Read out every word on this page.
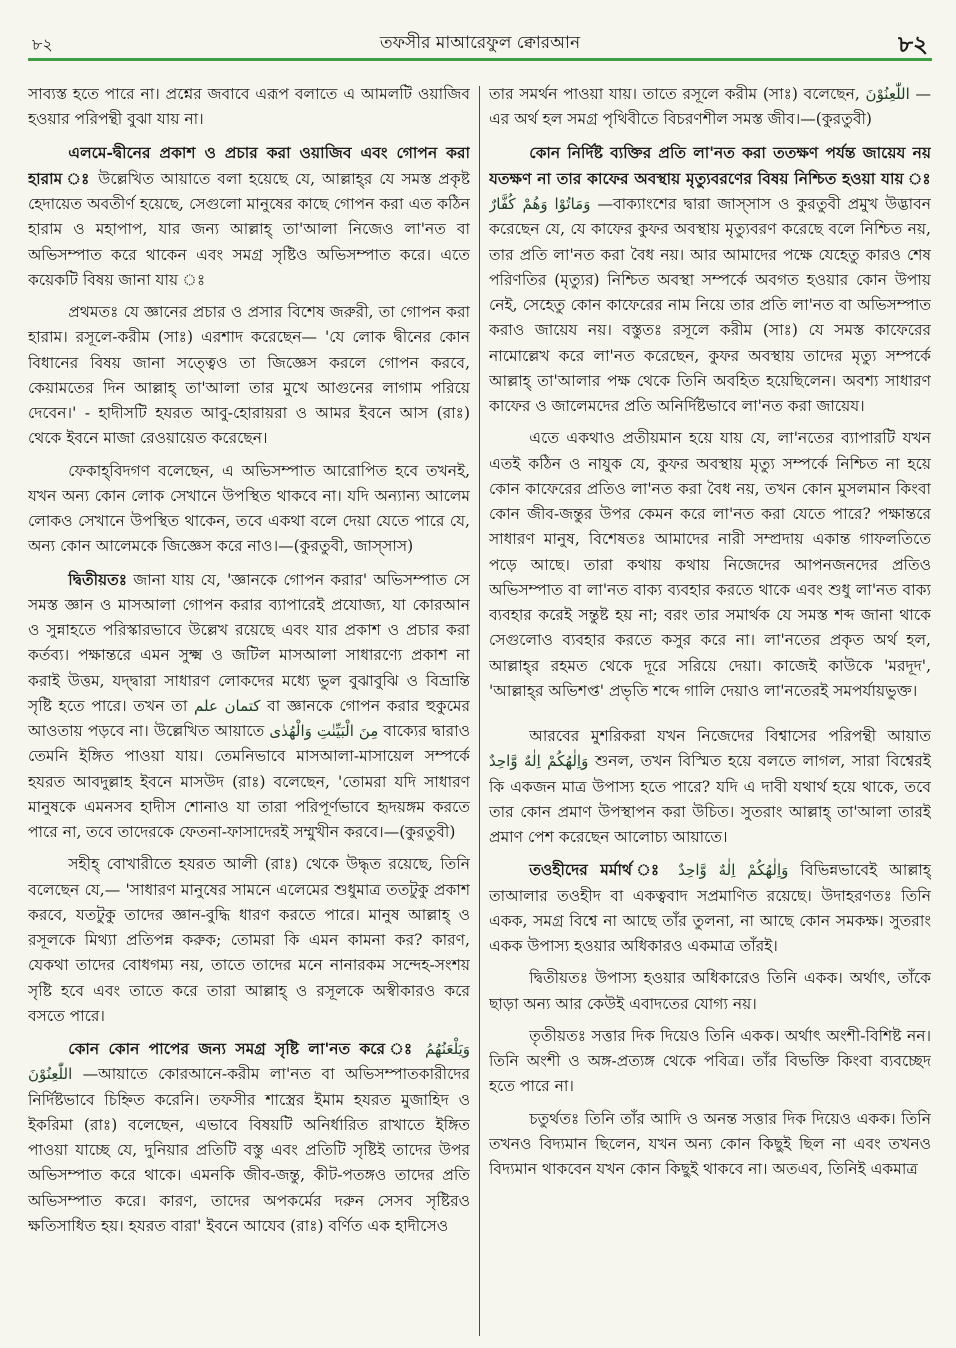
৮২	তফসীর মাআরেফুল ক্বোরআন	৮২

সাব্যস্ত হতে পারে না। প্রশ্নের জবাবে এরূপ বলাতে এ আমলটি ওয়াজিব হওয়ার পরিপন্থী বুঝা যায় না।

এলমে-দ্বীনের প্রকাশ ও প্রচার করা ওয়াজিব এবং গোপন করা হারাম ঃ উল্লেখিত আয়াতে বলা হয়েছে যে, আল্লাহ্‌র যে সমস্ত প্রকৃষ্ট হেদায়েত অবতীর্ণ হয়েছে, সেগুলো মানুষের কাছে গোপন করা এত কঠিন হারাম ও মহাপাপ, যার জন্য আল্লাহ্ তা'আলা নিজেও লা'নত বা অভিসম্পাত করে থাকেন এবং সমগ্র সৃষ্টিও অভিসম্পাত করে। এতে কয়েকটি বিষয় জানা যায় ঃ

প্রথমতঃ যে জ্ঞানের প্রচার ও প্রসার বিশেষ জরুরী, তা গোপন করা হারাম। রসূলে-করীম (সাঃ) এরশাদ করেছেন— 'যে লোক দ্বীনের কোন বিধানের বিষয় জানা সত্ত্বেও তা জিজ্ঞেস করলে গোপন করবে, কেয়ামতের দিন আল্লাহ্ তা'আলা তার মুখে আগুনের লাগাম পরিয়ে দেবেন।' - হাদীসটি হযরত আবু-হোরায়রা ও আমর ইবনে আস (রাঃ) থেকে ইবনে মাজা রেওয়ায়েত করেছেন।

ফেকাহ্‌বিদগণ বলেছেন, এ অভিসম্পাত আরোপিত হবে তখনই, যখন অন্য কোন লোক সেখানে উপস্থিত থাকবে না। যদি অন্যান্য আলেম লোকও সেখানে উপস্থিত থাকেন, তবে একথা বলে দেয়া যেতে পারে যে, অন্য কোন আলেমকে জিজ্ঞেস করে নাও।—(কুরতুবী, জাস্সাস)

দ্বিতীয়তঃ জানা যায় যে, 'জ্ঞানকে গোপন করার' অভিসম্পাত সে সমস্ত জ্ঞান ও মাসআলা গোপন করার ব্যাপারেই প্রযোজ্য, যা কোরআন ও সুন্নাহতে পরিস্কারভাবে উল্লেখ রয়েছে এবং যার প্রকাশ ও প্রচার করা কর্তব্য। পক্ষান্তরে এমন সুক্ষ্ম ও জটিল মাসআলা সাধারণ্যে প্রকাশ না করাই উত্তম, যদ্দ্বারা সাধারণ লোকদের মধ্যে ভুল বুঝাবুঝি ও বিভ্রান্তি সৃষ্টি হতে পারে। তখন তা كتمان علم বা জ্ঞানকে গোপন করার হুকুমের আওতায় পড়বে না। উল্লেখিত আয়াতে مِنَ الْبَيِّنٰتِ وَالْهُدٰى বাক্যের দ্বারাও তেমনি ইঙ্গিত পাওয়া যায়। তেমনিভাবে মাসআলা-মাসায়েল সম্পর্কে হযরত আবদুল্লাহ ইবনে মাসউদ (রাঃ) বলেছেন, 'তোমরা যদি সাধারণ মানুষকে এমনসব হাদীস শোনাও যা তারা পরিপূর্ণভাবে হৃদয়ঙ্গম করতে পারে না, তবে তাদেরকে ফেতনা-ফাসাদেরই সম্মুখীন করবে।—(কুরতুবী)

সহীহ্ বোখারীতে হযরত আলী (রাঃ) থেকে উদ্ধৃত রয়েছে, তিনি বলেছেন যে,— 'সাধারণ মানুষের সামনে এলেমের শুধুমাত্র ততটুকু প্রকাশ করবে, যতটুকু তাদের জ্ঞান-বুদ্ধি ধারণ করতে পারে। মানুষ আল্লাহ্ ও রসূলকে মিথ্যা প্রতিপন্ন করুক; তোমরা কি এমন কামনা কর? কারণ, যেকথা তাদের বোধগম্য নয়, তাতে তাদের মনে নানারকম সন্দেহ-সংশয় সৃষ্টি হবে এবং তাতে করে তারা আল্লাহ্ ও রসূলকে অস্বীকারও করে বসতে পারে।

কোন কোন পাপের জন্য সমগ্র সৃষ্টি লা'নত করে ঃ وَيَلْعَنُهُمُ اللّٰعِنُوْنَ —আয়াতে কোরআনে-করীম লা'নত বা অভিসম্পাতকারীদের নির্দিষ্টভাবে চিহ্নিত করেনি। তফসীর শাস্ত্রের ইমাম হযরত মুজাহিদ ও ইকরিমা (রাঃ) বলেছেন, এভাবে বিষয়টি অনির্ধারিত রাখাতে ইঙ্গিত পাওয়া যাচ্ছে যে, দুনিয়ার প্রতিটি বস্তু এবং প্রতিটি সৃষ্টিই তাদের উপর অভিসম্পাত করে থাকে। এমনকি জীব-জন্তু, কীট-পতঙ্গও তাদের প্রতি অভিসম্পাত করে। কারণ, তাদের অপকর্মের দরুন সেসব সৃষ্টিরও ক্ষতিসাধিত হয়। হযরত বারা' ইবনে আযেব (রাঃ) বর্ণিত এক হাদীসেও

তার সমর্থন পাওয়া যায়। তাতে রসূলে করীম (সাঃ) বলেছেন, اللّٰعِنُوْنَ —এর অর্থ হল সমগ্র পৃথিবীতে বিচরণশীল সমস্ত জীব।—(কুরতুবী)

কোন নির্দিষ্ট ব্যক্তির প্রতি লা'নত করা ততক্ষণ পর্যন্ত জায়েয নয় যতক্ষণ না তার কাফের অবস্থায় মৃত্যুবরণের বিষয় নিশ্চিত হওয়া যায় ঃ وَمَاتُوْا وَهُمْ كُفَّارٌ —বাক্যাংশের দ্বারা জাস্সাস ও কুরতুবী প্রমুখ উদ্ভাবন করেছেন যে, যে কাফের কুফর অবস্থায় মৃত্যুবরণ করেছে বলে নিশ্চিত নয়, তার প্রতি লা'নত করা বৈধ নয়। আর আমাদের পক্ষে যেহেতু কারও শেষ পরিণতির (মৃত্যুর) নিশ্চিত অবস্থা সম্পর্কে অবগত হওয়ার কোন উপায় নেই, সেহেতু কোন কাফেরের নাম নিয়ে তার প্রতি লা'নত বা অভিসম্পাত করাও জায়েয নয়। বস্তুতঃ রসূলে করীম (সাঃ) যে সমস্ত কাফেরের নামোল্লেখ করে লা'নত করেছেন, কুফর অবস্থায় তাদের মৃত্যু সম্পর্কে আল্লাহ্ তা'আলার পক্ষ থেকে তিনি অবহিত হয়েছিলেন। অবশ্য সাধারণ কাফের ও জালেমদের প্রতি অনির্দিষ্টভাবে লা'নত করা জায়েয।

এতে একথাও প্রতীয়মান হয়ে যায় যে, লা'নতের ব্যাপারটি যখন এতই কঠিন ও নাযুক যে, কুফর অবস্থায় মৃত্যু সম্পর্কে নিশ্চিত না হয়ে কোন কাফেরের প্রতিও লা'নত করা বৈধ নয়, তখন কোন মুসলমান কিংবা কোন জীব-জন্তুর উপর কেমন করে লা'নত করা যেতে পারে? পক্ষান্তরে সাধারণ মানুষ, বিশেষতঃ আমাদের নারী সম্প্রদায় একান্ত গাফলতিতে পড়ে আছে। তারা কথায় কথায় নিজেদের আপনজনদের প্রতিও অভিসম্পাত বা লা'নত বাক্য ব্যবহার করতে থাকে এবং শুধু লা'নত বাক্য ব্যবহার করেই সন্তুষ্ট হয় না; বরং তার সমার্থক যে সমস্ত শব্দ জানা থাকে সেগুলোও ব্যবহার করতে কসুর করে না। লা'নতের প্রকৃত অর্থ হল, আল্লাহ্‌র রহমত থেকে দূরে সরিয়ে দেয়া। কাজেই কাউকে 'মরদূদ', 'আল্লাহ্‌র অভিশপ্ত' প্রভৃতি শব্দে গালি দেয়াও লা'নতেরই সমপর্যায়ভুক্ত।

আরবের মুশরিকরা যখন নিজেদের বিশ্বাসের পরিপন্থী আয়াত وَاِلٰهُكُمْ اِلٰهٌ وَّاحِدٌ শুনল, তখন বিস্মিত হয়ে বলতে লাগল, সারা বিশ্বেরই কি একজন মাত্র উপাস্য হতে পারে? যদি এ দাবী যথার্থ হয়ে থাকে, তবে তার কোন প্রমাণ উপস্থাপন করা উচিত। সুতরাং আল্লাহ্ তা'আলা তারই প্রমাণ পেশ করেছেন আলোচ্য আয়াতে।

তওহীদের মর্মার্থ ঃ وَاِلٰهُكُمْ اِلٰهٌ وَّاحِدٌ বিভিন্নভাবেই আল্লাহ্ তাআলার তওহীদ বা একত্ববাদ সপ্রমাণিত রয়েছে। উদাহরণতঃ তিনি একক, সমগ্র বিশ্বে না আছে তাঁর তুলনা, না আছে কোন সমকক্ষ। সুতরাং একক উপাস্য হওয়ার অধিকারও একমাত্র তাঁরই।

দ্বিতীয়তঃ উপাস্য হওয়ার অধিকারেও তিনি একক। অর্থাৎ, তাঁকে ছাড়া অন্য আর কেউই এবাদতের যোগ্য নয়।

তৃতীয়তঃ সত্তার দিক দিয়েও তিনি একক। অর্থাৎ অংশী-বিশিষ্ট নন। তিনি অংশী ও অঙ্গ-প্রত্যঙ্গ থেকে পবিত্র। তাঁর বিভক্তি কিংবা ব্যবচ্ছেদ হতে পারে না।

চতুর্থতঃ তিনি তাঁর আদি ও অনন্ত সত্তার দিক দিয়েও একক। তিনি তখনও বিদ্যমান ছিলেন, যখন অন্য কোন কিছুই ছিল না এবং তখনও বিদ্যমান থাকবেন যখন কোন কিছুই থাকবে না। অতএব, তিনিই একমাত্র
